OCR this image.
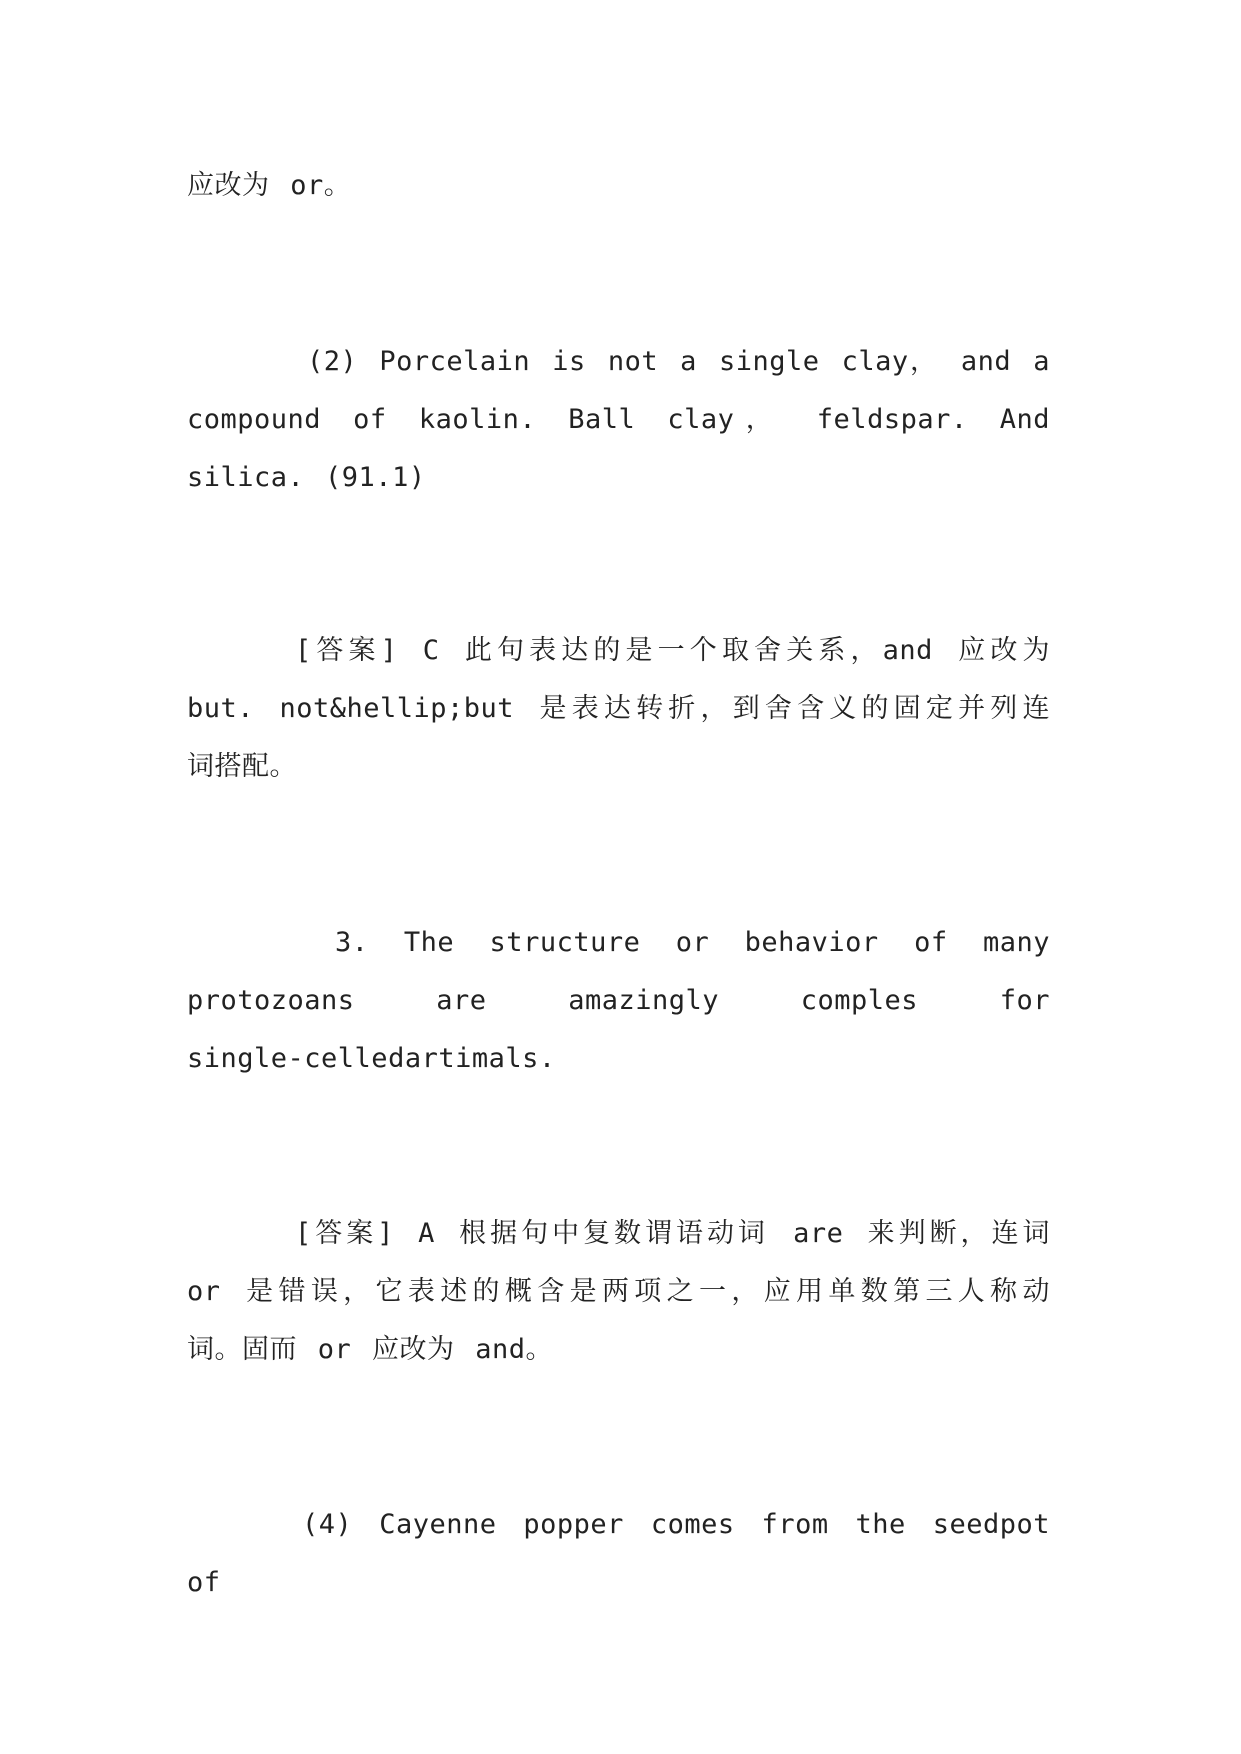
应改为 or。
(2) Porcelain is not a single clay， and a
compound of kaolin. Ball clay， feldspar. And
silica. (91.1)
[答案] C 此句表达的是一个取舍关系，and 应改为
but. not&hellip;but 是表达转折，到舍含义的固定并列连
词搭配。
3. The structure or behavior of many
protozoans are amazingly comples for
single-celledartimals.
[答案] A 根据句中复数谓语动词 are 来判断，连词
or 是错误，它表述的概含是两项之一，应用单数第三人称动
词。固而 or 应改为 and。
(4) Cayenne popper comes from the seedpot of
